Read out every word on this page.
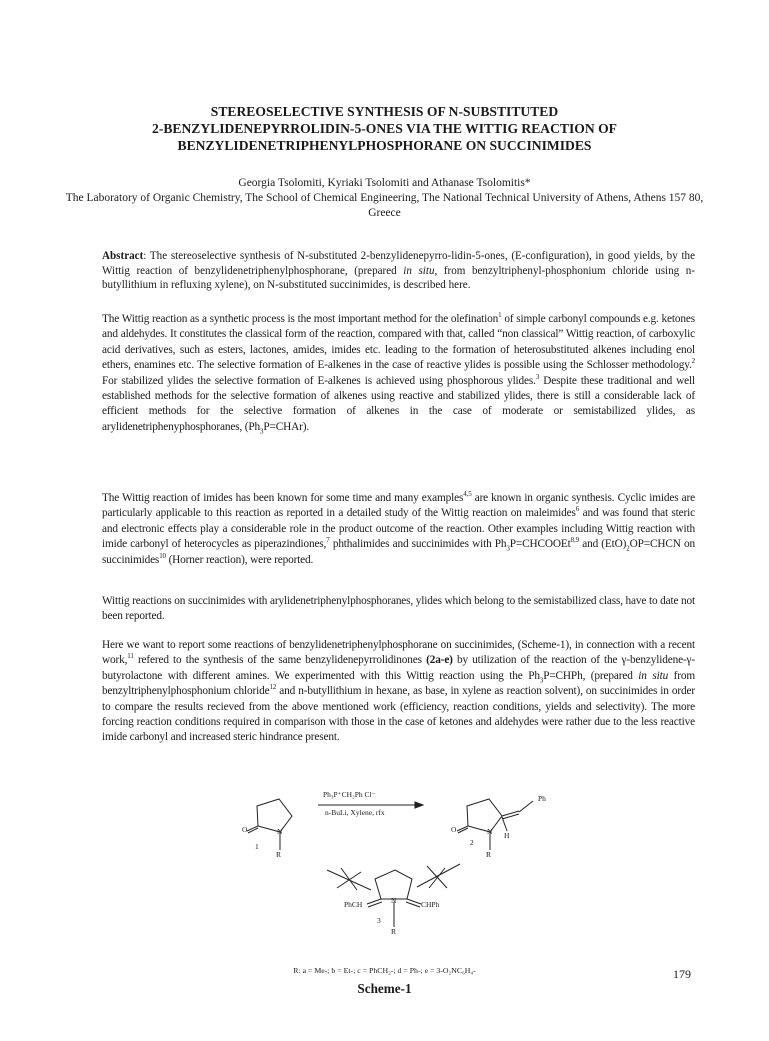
STEREOSELECTIVE SYNTHESIS OF N-SUBSTITUTED
2-BENZYLIDENEPYRROLIDIN-5-ONES VIA THE WITTIG REACTION OF
BENZYLIDENETRIPHENYLPHOSPHORANE ON SUCCINIMIDES
Georgia Tsolomiti, Kyriaki Tsolomiti and Athanase Tsolomitis*
The Laboratory of Organic Chemistry, The School of Chemical Engineering, The National Technical University of Athens, Athens 157 80, Greece
Abstract: The stereoselective synthesis of N-substituted 2-benzylidenepyrro-lidin-5-ones, (E-configuration), in good yields, by the Wittig reaction of benzylidenetriphenylphosphorane, (prepared in situ, from benzyltriphenyl-phosphonium chloride using n-butyllithium in refluxing xylene), on N-substituted succinimides, is described here.
The Wittig reaction as a synthetic process is the most important method for the olefination$^1$ of simple carbonyl compounds e.g. ketones and aldehydes. It constitutes the classical form of the reaction, compared with that, called “non classical” Wittig reaction, of carboxylic acid derivatives, such as esters, lactones, amides, imides etc. leading to the formation of heterosubstituted alkenes including enol ethers, enamines etc. The selective formation of E-alkenes in the case of reactive ylides is possible using the Schlosser methodology.$^2$ For stabilized ylides the selective formation of E-alkenes is achieved using phosphorous ylides.$^3$ Despite these traditional and well established methods for the selective formation of alkenes using reactive and stabilized ylides, there is still a considerable lack of efficient methods for the selective formation of alkenes in the case of moderate or semistabilized ylides, as arylidenetriphenyphosphoranes, $(Ph_3P=CHAr)$.
The Wittig reaction of imides has been known for some time and many examples$^{4,5}$ are known in organic synthesis. Cyclic imides are particularly applicable to this reaction as reported in a detailed study of the Wittig reaction on maleimides$^6$ and was found that steric and electronic effects play a considerable role in the product outcome of the reaction. Other examples including Wittig reaction with imide carbonyl of heterocycles as piperazindiones,$^7$ phthalimides and succinimides with $Ph_3P=CHCOOEt^{8,9}$ and $(EtO)_2OP=CHCN$ on succinimides$^{10}$ (Horner reaction), were reported.
Wittig reactions on succinimides with arylidenetriphenylphosphoranes, ylides which belong to the semistabilized class, have to date not been reported.
Here we want to report some reactions of benzylidenetriphenylphosphorane on succinimides, (Scheme-1), in connection with a recent work,$^{11}$ refered to the synthesis of the same benzylidenepyrrolidinones (2a-e) by utilization of the reaction of the γ-benzylidene-γ-butyrolactone with different amines. We experimented with this Wittig reaction using the $Ph_3P=CHPh$, (prepared in situ from benzyltriphenylphosphonium chloride$^{12}$ and n-butyllithium in hexane, as base, in xylene as reaction solvent), on succinimides in order to compare the results recieved from the above mentioned work (efficiency, reaction conditions, yields and selectivity). The more forcing reaction conditions required in comparison with those in the case of ketones and aldehydes were rather due to the less reactive imide carbonyl and increased steric hindrance present.
Ph₃P⁺CH₂Ph Cl⁻
n-BuLi, Xylene, rfx
O	N
R
1
O	N
R
Ph
H
2
PhCH	CHPh
N
R
3
R: a = Me-; b = Et-; c = PhCH₂-; d = Ph-; e = 3-O₂NC₆H₄-
Scheme-1
179
